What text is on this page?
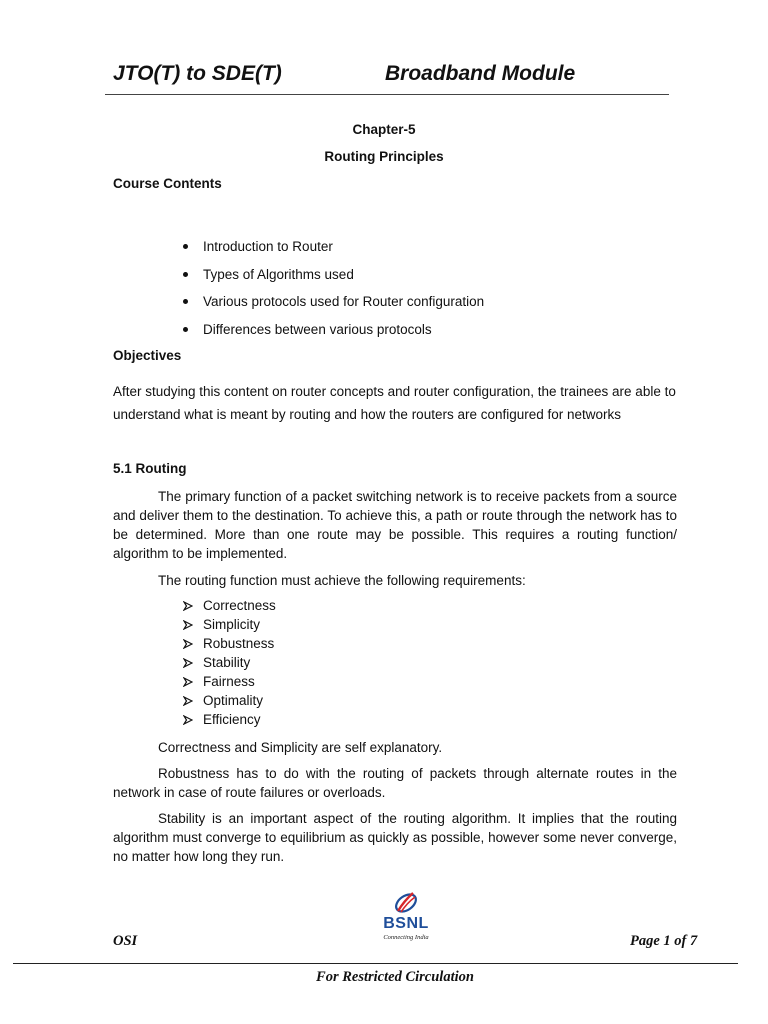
JTO(T) to SDE(T)	Broadband Module
Chapter-5
Routing Principles
Course Contents
Introduction to Router
Types of Algorithms used
Various protocols used for Router configuration
Differences between various protocols
Objectives
After studying this content on router concepts and router configuration, the trainees are able to understand what is meant by routing and how the routers are configured for networks
5.1 Routing
The primary function of a packet switching network is to receive packets from a source and deliver them to the destination. To achieve this, a path or route through the network has to be determined. More than one route may be possible. This requires a routing function/ algorithm to be implemented.
The routing function must achieve the following requirements:
Correctness
Simplicity
Robustness
Stability
Fairness
Optimality
Efficiency
Correctness and Simplicity are self explanatory.
Robustness has to do with the routing of packets through alternate routes in the network in case of route failures or overloads.
Stability is an important aspect of the routing algorithm. It implies that the routing algorithm must converge to equilibrium as quickly as possible, however some never converge, no matter how long they run.
BSNL
Connecting India
OSI	Page 1 of 7
For Restricted Circulation
